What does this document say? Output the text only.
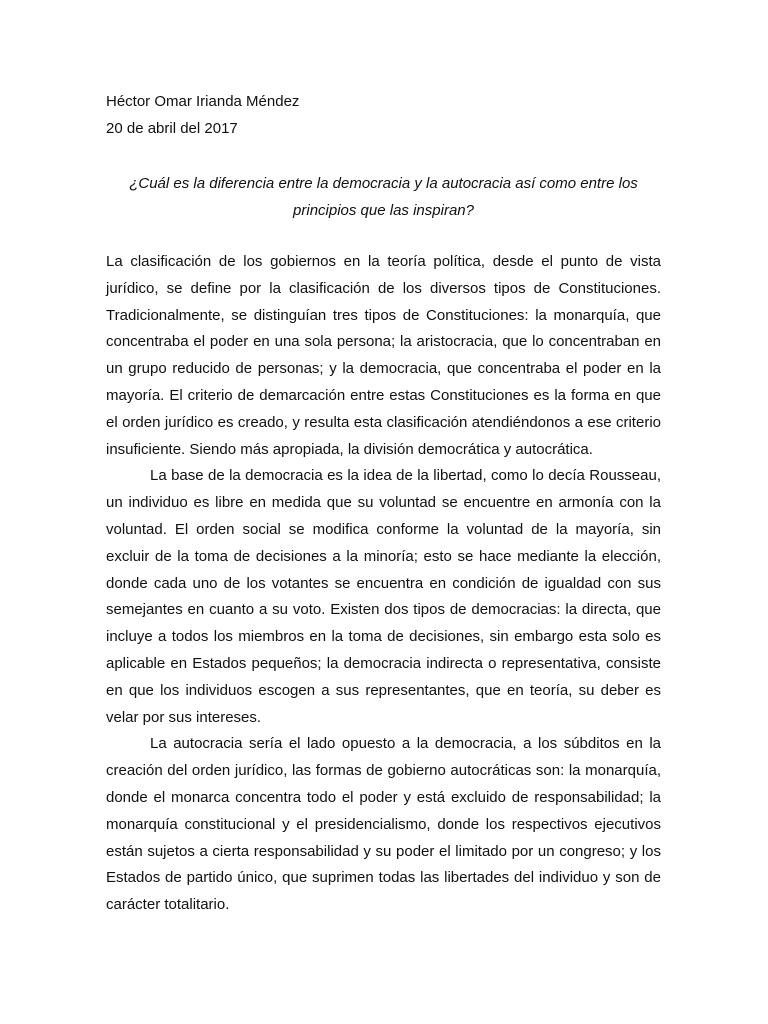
Héctor Omar Irianda Méndez

20 de abril del 2017

¿Cuál es la diferencia entre la democracia y la autocracia así como entre los principios que las inspiran?

La clasificación de los gobiernos en la teoría política, desde el punto de vista jurídico, se define por la clasificación de los diversos tipos de Constituciones. Tradicionalmente, se distinguían tres tipos de Constituciones: la monarquía, que concentraba el poder en una sola persona; la aristocracia, que lo concentraban en un grupo reducido de personas; y la democracia, que concentraba el poder en la mayoría. El criterio de demarcación entre estas Constituciones es la forma en que el orden jurídico es creado, y resulta esta clasificación atendiéndonos a ese criterio insuficiente. Siendo más apropiada, la división democrática y autocrática.

La base de la democracia es la idea de la libertad, como lo decía Rousseau, un individuo es libre en medida que su voluntad se encuentre en armonía con la voluntad. El orden social se modifica conforme la voluntad de la mayoría, sin excluir de la toma de decisiones a la minoría; esto se hace mediante la elección, donde cada uno de los votantes se encuentra en condición de igualdad con sus semejantes en cuanto a su voto. Existen dos tipos de democracias: la directa, que incluye a todos los miembros en la toma de decisiones, sin embargo esta solo es aplicable en Estados pequeños; la democracia indirecta o representativa, consiste en que los individuos escogen a sus representantes, que en teoría, su deber es velar por sus intereses.

La autocracia sería el lado opuesto a la democracia, a los súbditos en la creación del orden jurídico, las formas de gobierno autocráticas son: la monarquía, donde el monarca concentra todo el poder y está excluido de responsabilidad; la monarquía constitucional y el presidencialismo, donde los respectivos ejecutivos están sujetos a cierta responsabilidad y su poder el limitado por un congreso; y los Estados de partido único, que suprimen todas las libertades del individuo y son de carácter totalitario.
